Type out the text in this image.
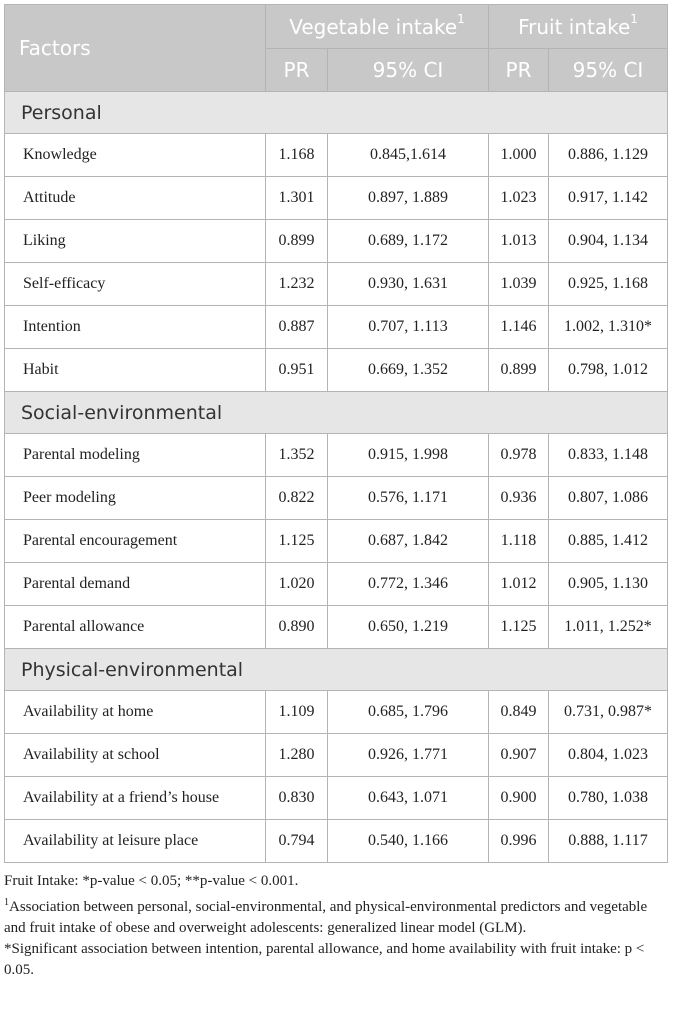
Factors	Vegetable intake$^1$		Fruit intake$^1$
	PR	95% CI	PR	95% CI
Personal				
Knowledge	1.168	0.845,1.614	1.000	0.886, 1.129
Attitude	1.301	0.897, 1.889	1.023	0.917, 1.142
Liking	0.899	0.689, 1.172	1.013	0.904, 1.134
Self-efficacy	1.232	0.930, 1.631	1.039	0.925, 1.168
Intention	0.887	0.707, 1.113	1.146	1.002, 1.310*
Habit	0.951	0.669, 1.352	0.899	0.798, 1.012
Social-environmental				
Parental modeling	1.352	0.915, 1.998	0.978	0.833, 1.148
Peer modeling	0.822	0.576, 1.171	0.936	0.807, 1.086
Parental encouragement	1.125	0.687, 1.842	1.118	0.885, 1.412
Parental demand	1.020	0.772, 1.346	1.012	0.905, 1.130
Parental allowance	0.890	0.650, 1.219	1.125	1.011, 1.252*
Physical-environmental				
Availability at home	1.109	0.685, 1.796	0.849	0.731, 0.987*
Availability at school	1.280	0.926, 1.771	0.907	0.804, 1.023
Availability at a friend’s house	0.830	0.643, 1.071	0.900	0.780, 1.038
Availability at leisure place	0.794	0.540, 1.166	0.996	0.888, 1.117

Fruit Intake: *p-value < 0.05; **p-value < 0.001.

$^1$Association between personal, social-environmental, and physical-environmental predictors and vegetable and fruit intake of obese and overweight adolescents: generalized linear model (GLM).

*Significant association between intention, parental allowance, and home availability with fruit intake: p < 0.05.
